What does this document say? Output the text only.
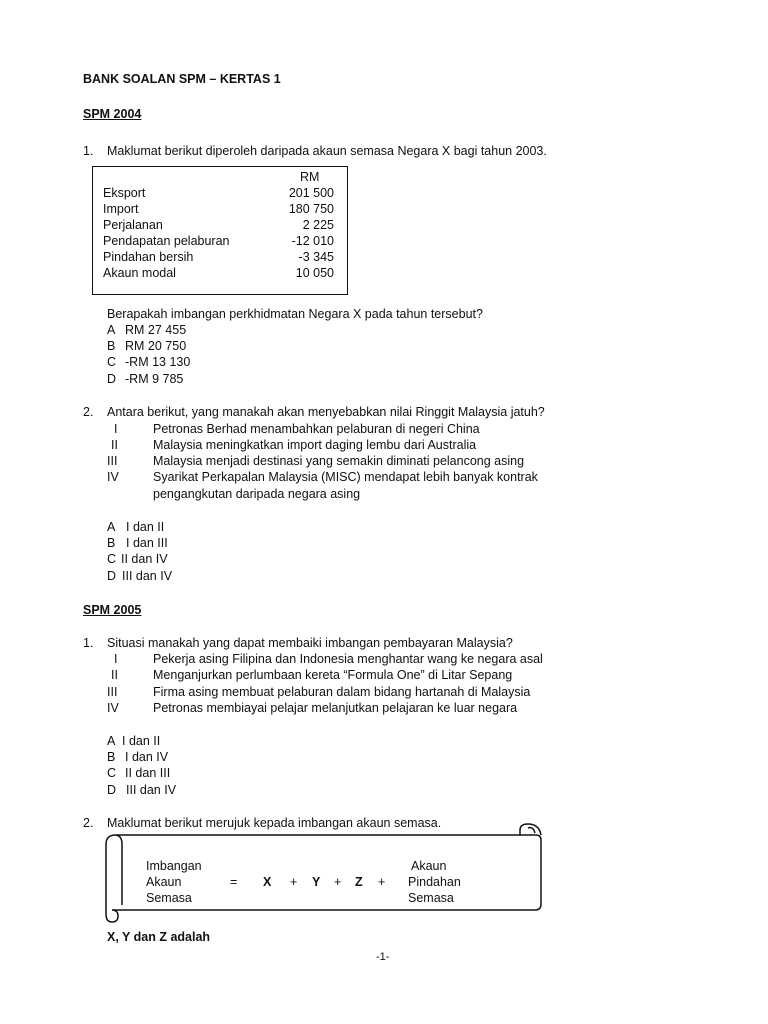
BANK SOALAN SPM – KERTAS 1
SPM 2004
1. Maklumat berikut diperoleh daripada akaun semasa Negara X bagi tahun 2003.
RM
Eksport	201 500
Import	180 750
Perjalanan	2 225
Pendapatan pelaburan	-12 010
Pindahan bersih	-3 345
Akaun modal	10 050
Berapakah imbangan perkhidmatan Negara X pada tahun tersebut?
A RM 27 455
B RM 20 750
C -RM 13 130
D -RM 9 785
2. Antara berikut, yang manakah akan menyebabkan nilai Ringgit Malaysia jatuh?
I	Petronas Berhad menambahkan pelaburan di negeri China
II	Malaysia meningkatkan import daging lembu dari Australia
III	Malaysia menjadi destinasi yang semakin diminati pelancong asing
IV	Syarikat Perkapalan Malaysia (MISC) mendapat lebih banyak kontrak
pengangkutan daripada negara asing
A I dan II
B I dan III
C II dan IV
D III dan IV
SPM 2005
1. Situasi manakah yang dapat membaiki imbangan pembayaran Malaysia?
I	Pekerja asing Filipina dan Indonesia menghantar wang ke negara asal
II	Menganjurkan perlumbaan kereta “Formula One” di Litar Sepang
III	Firma asing membuat pelaburan dalam bidang hartanah di Malaysia
IV	Petronas membiayai pelajar melanjutkan pelajaran ke luar negara
A I dan II
B I dan IV
C II dan III
D III dan IV
2. Maklumat berikut merujuk kepada imbangan akaun semasa.
Imbangan
Akaun
Semasa
= X + Y + Z +
Akaun
Pindahan
Semasa
X, Y dan Z adalah
-1-
